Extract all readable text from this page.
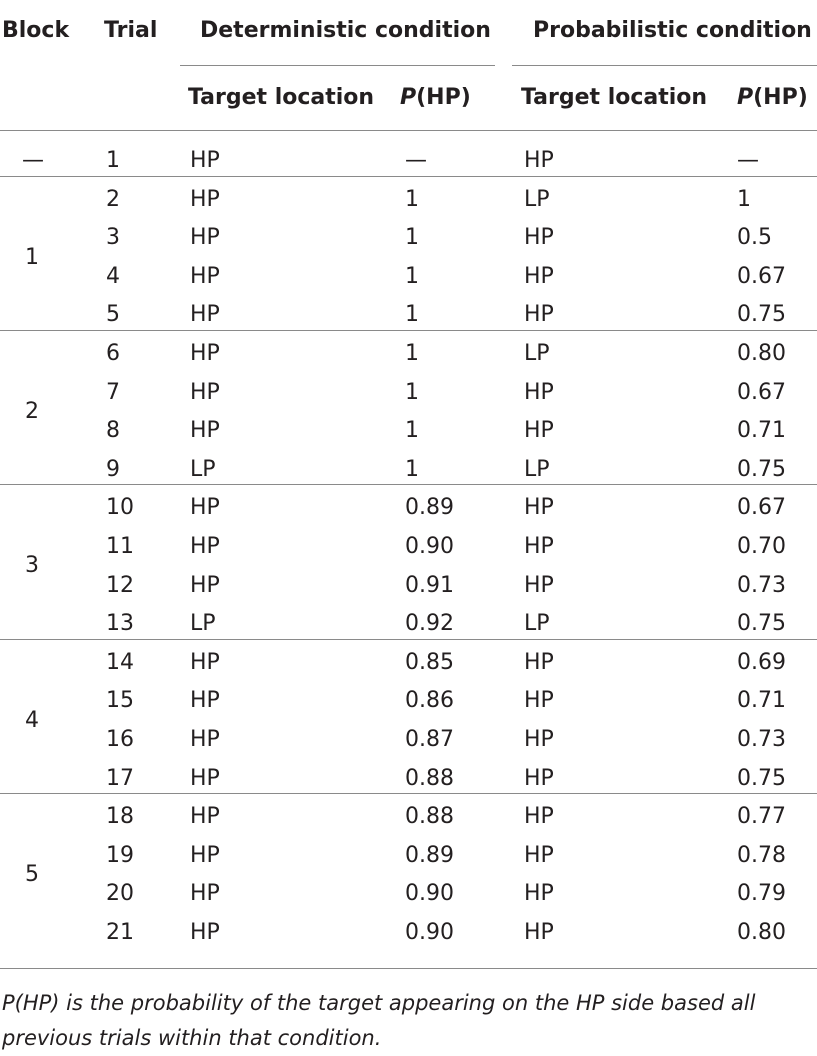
Block Trial Deterministic condition Probabilistic condition
Target location P(HP) Target location P(HP)
—	1	HP	—	HP	—
1
2	HP	1	LP	1
3	HP	1	HP	0.5
4	HP	1	HP	0.67
5	HP	1	HP	0.75
2
6	HP	1	LP	0.80
7	HP	1	HP	0.67
8	HP	1	HP	0.71
9	LP	1	LP	0.75
3
10	HP	0.89	HP	0.67
11	HP	0.90	HP	0.70
12	HP	0.91	HP	0.73
13	LP	0.92	LP	0.75
4
14	HP	0.85	HP	0.69
15	HP	0.86	HP	0.71
16	HP	0.87	HP	0.73
17	HP	0.88	HP	0.75
5
18	HP	0.88	HP	0.77
19	HP	0.89	HP	0.78
20	HP	0.90	HP	0.79
21	HP	0.90	HP	0.80
P(HP) is the probability of the target appearing on the HP side based all previous trials within that condition.
